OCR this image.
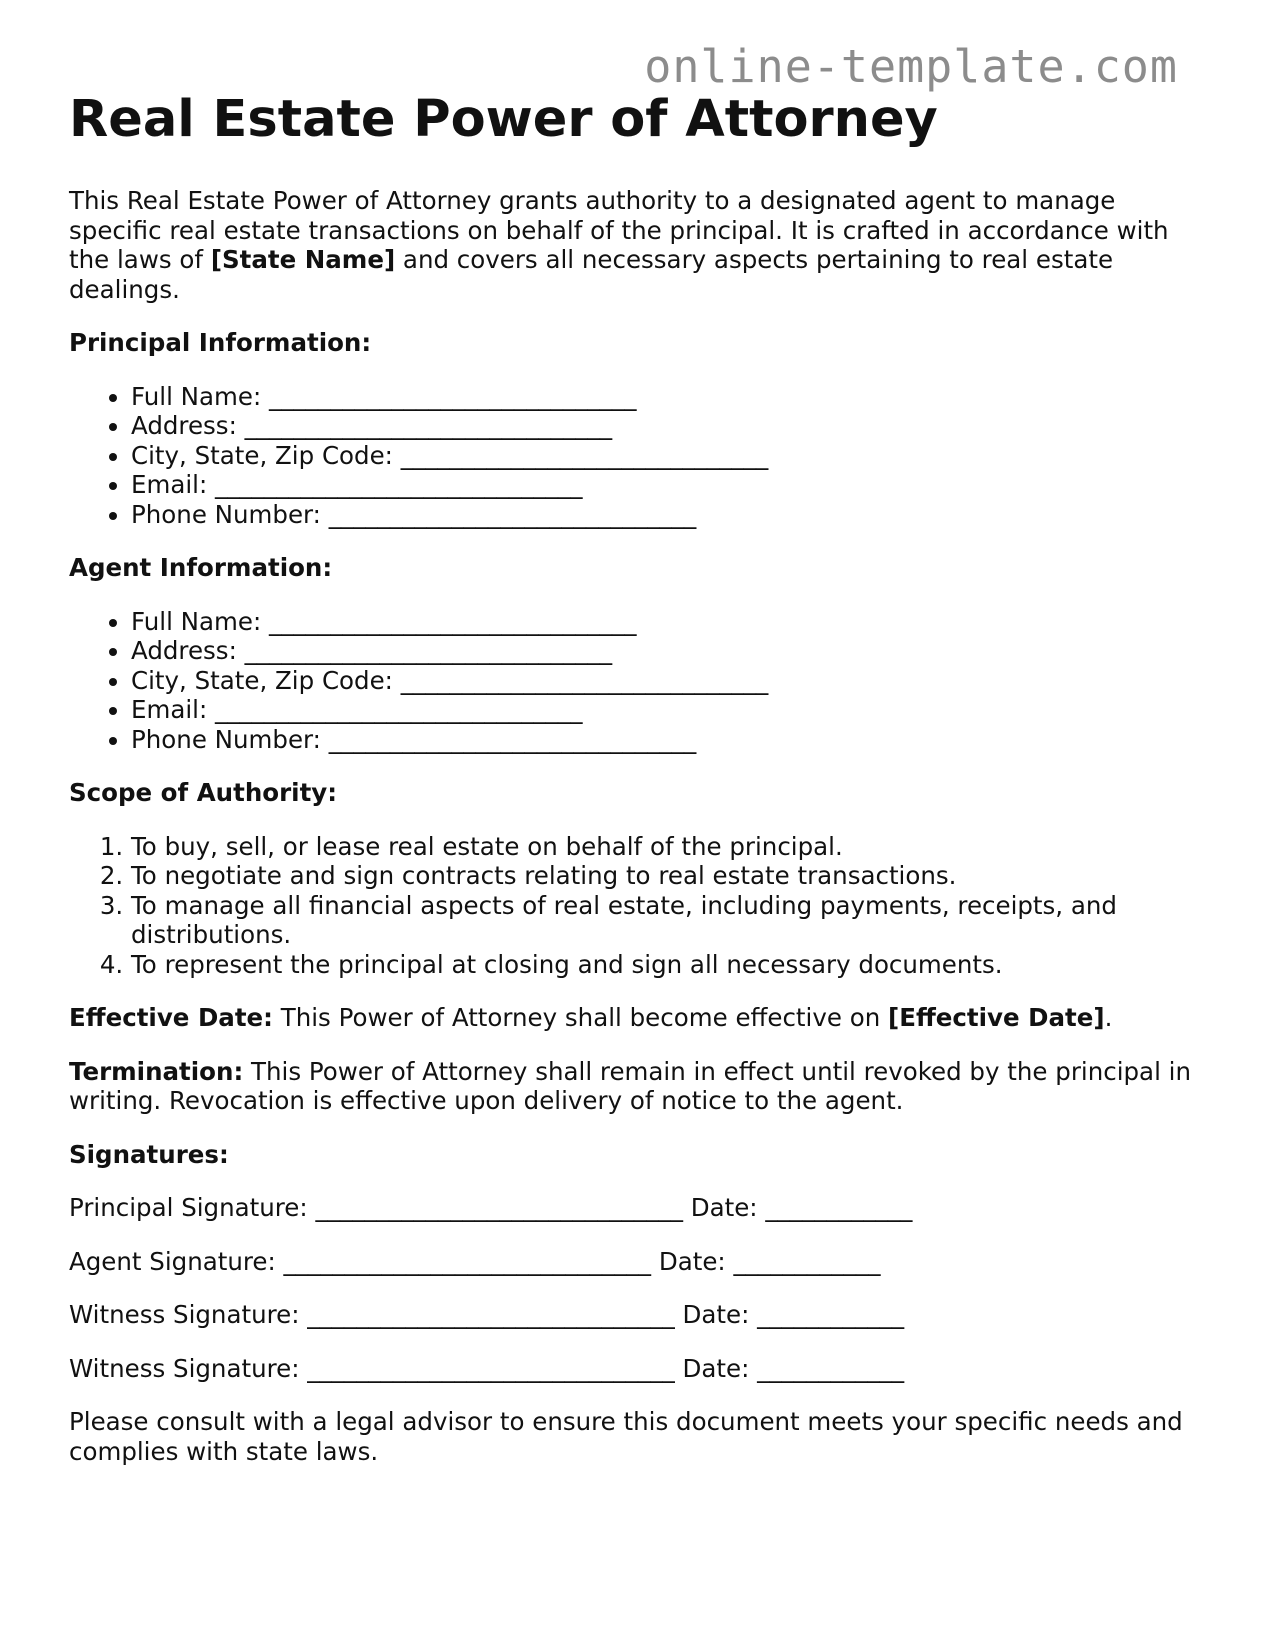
online-template.com
Real Estate Power of Attorney

This Real Estate Power of Attorney grants authority to a designated agent to manage specific real estate transactions on behalf of the principal. It is crafted in accordance with the laws of [State Name] and covers all necessary aspects pertaining to real estate dealings.

Principal Information:

• Full Name: ______________________________
• Address: ______________________________
• City, State, Zip Code: ______________________________
• Email: ______________________________
• Phone Number: ______________________________

Agent Information:

• Full Name: ______________________________
• Address: ______________________________
• City, State, Zip Code: ______________________________
• Email: ______________________________
• Phone Number: ______________________________

Scope of Authority:

1. To buy, sell, or lease real estate on behalf of the principal.
2. To negotiate and sign contracts relating to real estate transactions.
3. To manage all financial aspects of real estate, including payments, receipts, and distributions.
4. To represent the principal at closing and sign all necessary documents.

Effective Date: This Power of Attorney shall become effective on [Effective Date].

Termination: This Power of Attorney shall remain in effect until revoked by the principal in writing. Revocation is effective upon delivery of notice to the agent.

Signatures:

Principal Signature: ______________________________ Date: ____________

Agent Signature: ______________________________ Date: ____________

Witness Signature: ______________________________ Date: ____________

Witness Signature: ______________________________ Date: ____________

Please consult with a legal advisor to ensure this document meets your specific needs and complies with state laws.
